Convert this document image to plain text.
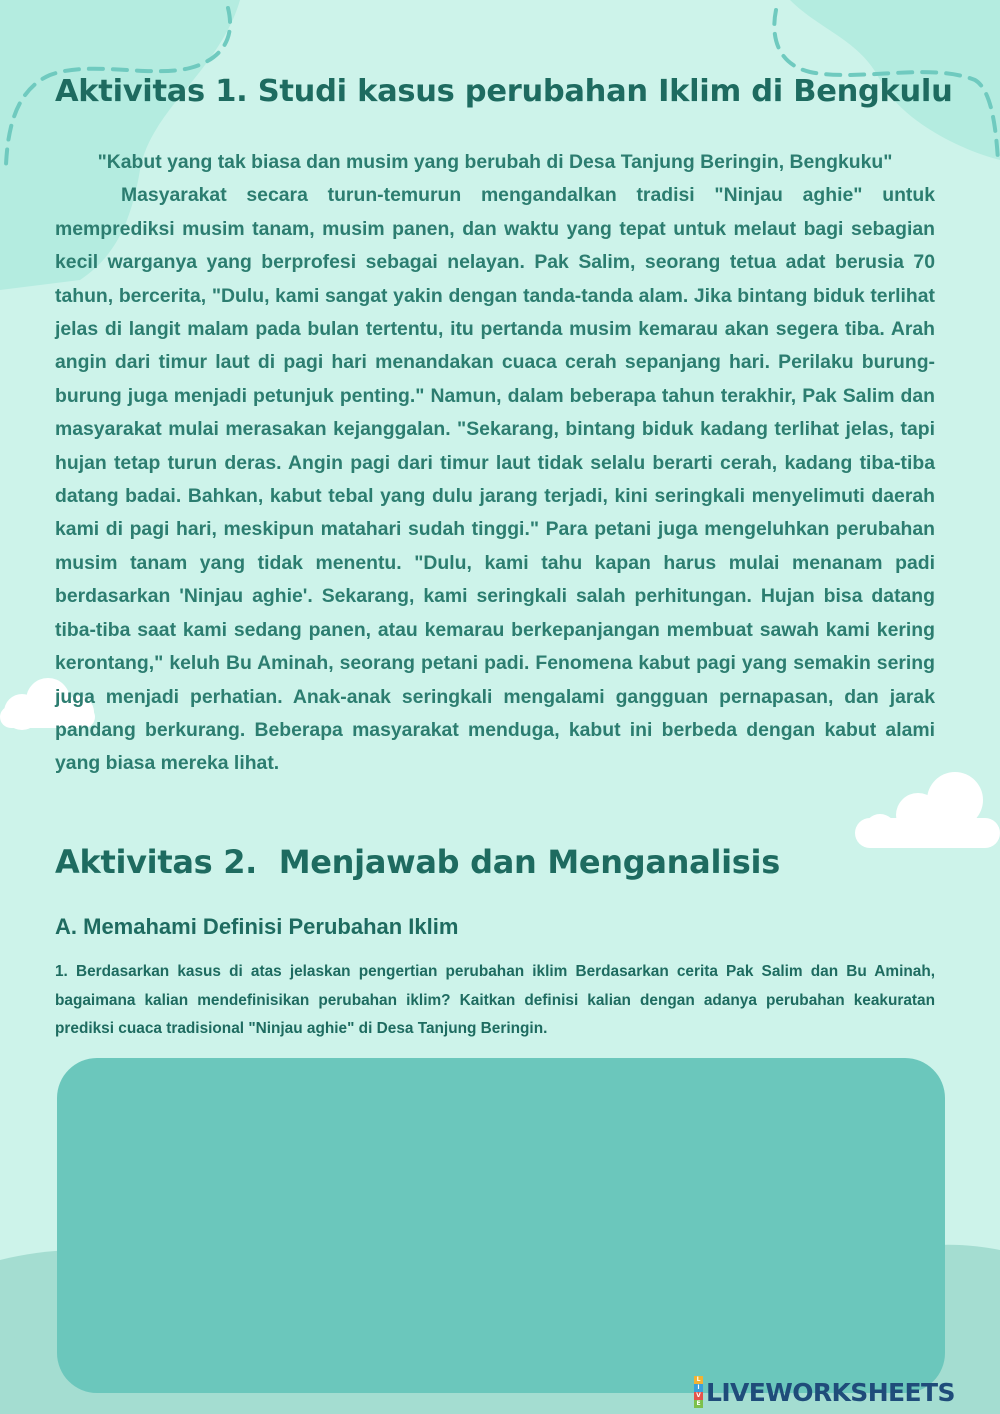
Aktivitas 1. Studi kasus perubahan Iklim di Bengkulu

"Kabut yang tak biasa dan musim yang berubah di Desa Tanjung Beringin, Bengkuku"

Masyarakat secara turun-temurun mengandalkan tradisi "Ninjau aghie" untuk memprediksi musim tanam, musim panen, dan waktu yang tepat untuk melaut bagi sebagian kecil warganya yang berprofesi sebagai nelayan. Pak Salim, seorang tetua adat berusia 70 tahun, bercerita, "Dulu, kami sangat yakin dengan tanda-tanda alam. Jika bintang biduk terlihat jelas di langit malam pada bulan tertentu, itu pertanda musim kemarau akan segera tiba. Arah angin dari timur laut di pagi hari menandakan cuaca cerah sepanjang hari. Perilaku burung-burung juga menjadi petunjuk penting." Namun, dalam beberapa tahun terakhir, Pak Salim dan masyarakat mulai merasakan kejanggalan. "Sekarang, bintang biduk kadang terlihat jelas, tapi hujan tetap turun deras. Angin pagi dari timur laut tidak selalu berarti cerah, kadang tiba-tiba datang badai. Bahkan, kabut tebal yang dulu jarang terjadi, kini seringkali menyelimuti daerah kami di pagi hari, meskipun matahari sudah tinggi." Para petani juga mengeluhkan perubahan musim tanam yang tidak menentu. "Dulu, kami tahu kapan harus mulai menanam padi berdasarkan 'Ninjau aghie'. Sekarang, kami seringkali salah perhitungan. Hujan bisa datang tiba-tiba saat kami sedang panen, atau kemarau berkepanjangan membuat sawah kami kering kerontang," keluh Bu Aminah, seorang petani padi. Fenomena kabut pagi yang semakin sering juga menjadi perhatian. Anak-anak seringkali mengalami gangguan pernapasan, dan jarak pandang berkurang. Beberapa masyarakat menduga, kabut ini berbeda dengan kabut alami yang biasa mereka lihat.

Aktivitas 2.  Menjawab dan Menganalisis
A. Memahami Definisi Perubahan Iklim

1. Berdasarkan kasus di atas jelaskan pengertian perubahan iklim Berdasarkan cerita Pak Salim dan Bu Aminah, bagaimana kalian mendefinisikan perubahan iklim? Kaitkan definisi kalian dengan adanya perubahan keakuratan prediksi cuaca tradisional "Ninjau aghie" di Desa Tanjung Beringin.

L
I
V
E LIVEWORKSHEETS
